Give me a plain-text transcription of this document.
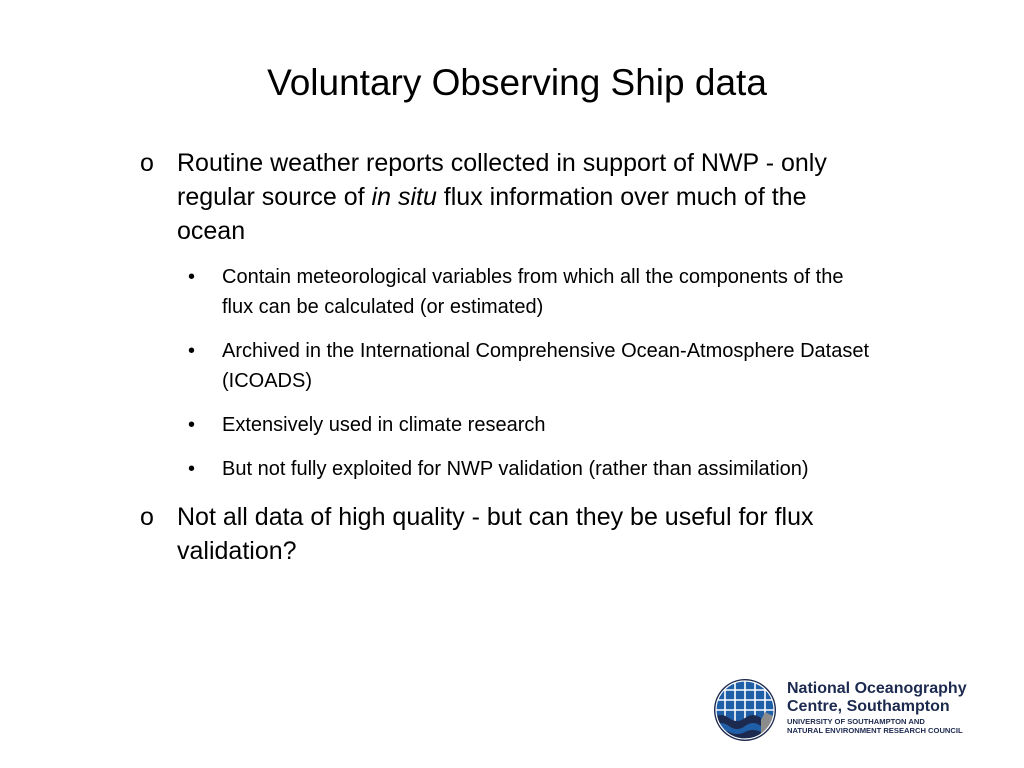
Voluntary Observing Ship data
o Routine weather reports collected in support of NWP - only regular source of in situ flux information over much of the ocean
• Contain meteorological variables from which all the components of the flux can be calculated (or estimated)
• Archived in the International Comprehensive Ocean-Atmosphere Dataset (ICOADS)
• Extensively used in climate research
• But not fully exploited for NWP validation (rather than assimilation)
o Not all data of high quality - but can they be useful for flux validation?
National Oceanography
Centre, Southampton
UNIVERSITY OF SOUTHAMPTON AND
NATURAL ENVIRONMENT RESEARCH COUNCIL
